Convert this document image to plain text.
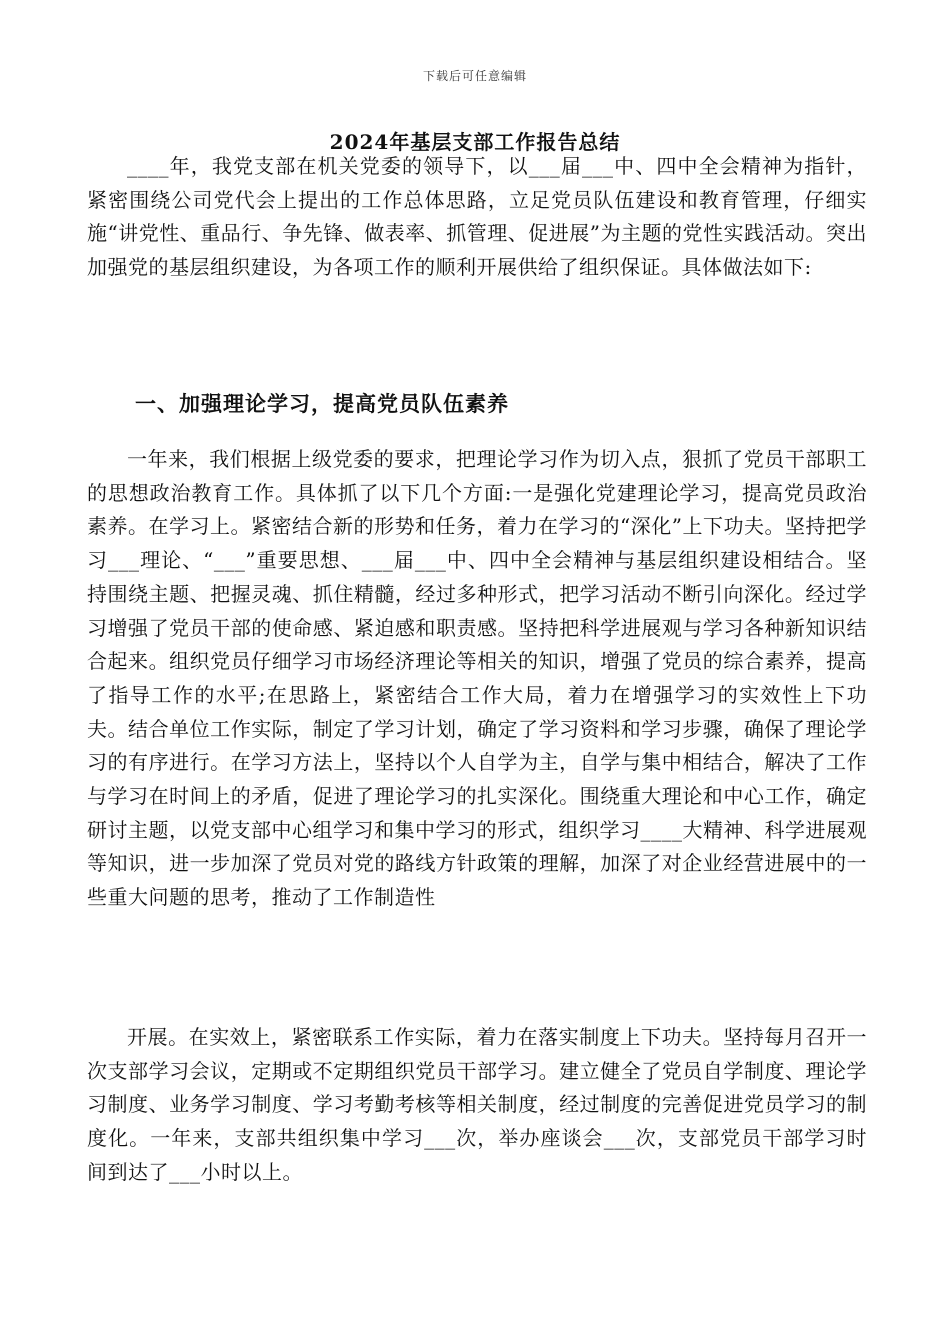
下载后可任意编辑
2024年基层支部工作报告总结

____年，我党支部在机关党委的领导下，以___届___中、四中全会精神为指针，紧密围绕公司党代会上提出的工作总体思路，立足党员队伍建设和教育管理，仔细实施“讲党性、重品行、争先锋、做表率、抓管理、促进展”为主题的党性实践活动。突出加强党的基层组织建设，为各项工作的顺利开展供给了组织保证。具体做法如下:

一、加强理论学习，提高党员队伍素养

一年来，我们根据上级党委的要求，把理论学习作为切入点，狠抓了党员干部职工的思想政治教育工作。具体抓了以下几个方面:一是强化党建理论学习，提高党员政治素养。在学习上。紧密结合新的形势和任务，着力在学习的“深化”上下功夫。坚持把学习___理论、“___”重要思想、___届___中、四中全会精神与基层组织建设相结合。坚持围绕主题、把握灵魂、抓住精髓，经过多种形式，把学习活动不断引向深化。经过学习增强了党员干部的使命感、紧迫感和职责感。坚持把科学进展观与学习各种新知识结合起来。组织党员仔细学习市场经济理论等相关的知识，增强了党员的综合素养，提高了指导工作的水平;在思路上，紧密结合工作大局，着力在增强学习的实效性上下功夫。结合单位工作实际，制定了学习计划，确定了学习资料和学习步骤，确保了理论学习的有序进行。在学习方法上，坚持以个人自学为主，自学与集中相结合，解决了工作与学习在时间上的矛盾，促进了理论学习的扎实深化。围绕重大理论和中心工作，确定研讨主题，以党支部中心组学习和集中学习的形式，组织学习____大精神、科学进展观等知识，进一步加深了党员对党的路线方针政策的理解，加深了对企业经营进展中的一些重大问题的思考，推动了工作制造性

开展。在实效上，紧密联系工作实际，着力在落实制度上下功夫。坚持每月召开一次支部学习会议，定期或不定期组织党员干部学习。建立健全了党员自学制度、理论学习制度、业务学习制度、学习考勤考核等相关制度，经过制度的完善促进党员学习的制度化。一年来，支部共组织集中学习___次，举办座谈会___次，支部党员干部学习时间到达了___小时以上。
